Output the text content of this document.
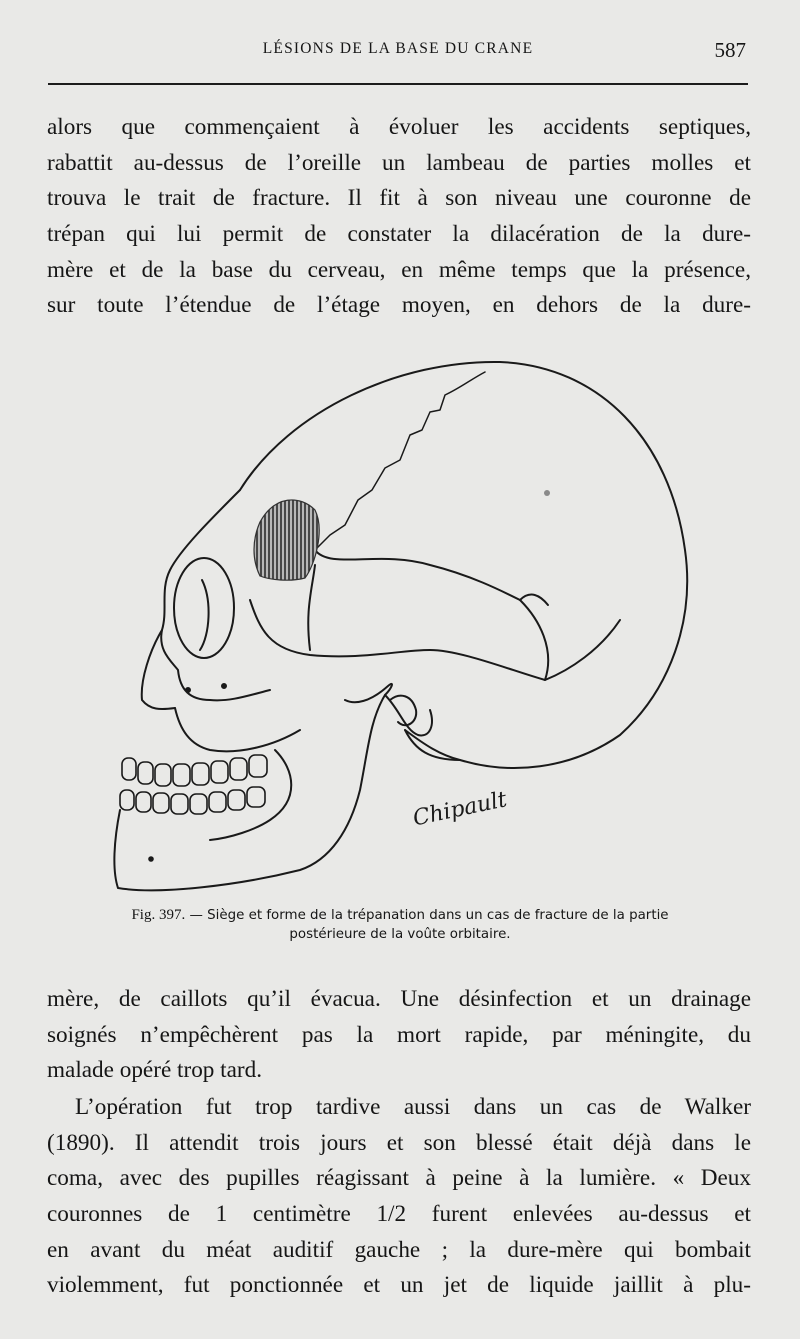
LÉSIONS DE LA BASE DU CRANE	587
alors que commençaient à évoluer les accidents septiques,
rabattit au-dessus de l’oreille un lambeau de parties molles et
trouva le trait de fracture. Il fit à son niveau une couronne de
trépan qui lui permit de constater la dilacération de la dure-
mère et de la base du cerveau, en même temps que la présence,
sur toute l’étendue de l’étage moyen, en dehors de la dure-
Chipault
Fig. 397. — Siège et forme de la trépanation dans un cas de fracture de la partie
postérieure de la voûte orbitaire.
mère, de caillots qu’il évacua. Une désinfection et un drainage
soignés n’empêchèrent pas la mort rapide, par méningite, du
malade opéré trop tard.
L’opération fut trop tardive aussi dans un cas de Walker
(1890). Il attendit trois jours et son blessé était déjà dans le
coma, avec des pupilles réagissant à peine à la lumière. « Deux
couronnes de 1 centimètre 1/2 furent enlevées au-dessus et
en avant du méat auditif gauche ; la dure-mère qui bombait
violemment, fut ponctionnée et un jet de liquide jaillit à plu-
